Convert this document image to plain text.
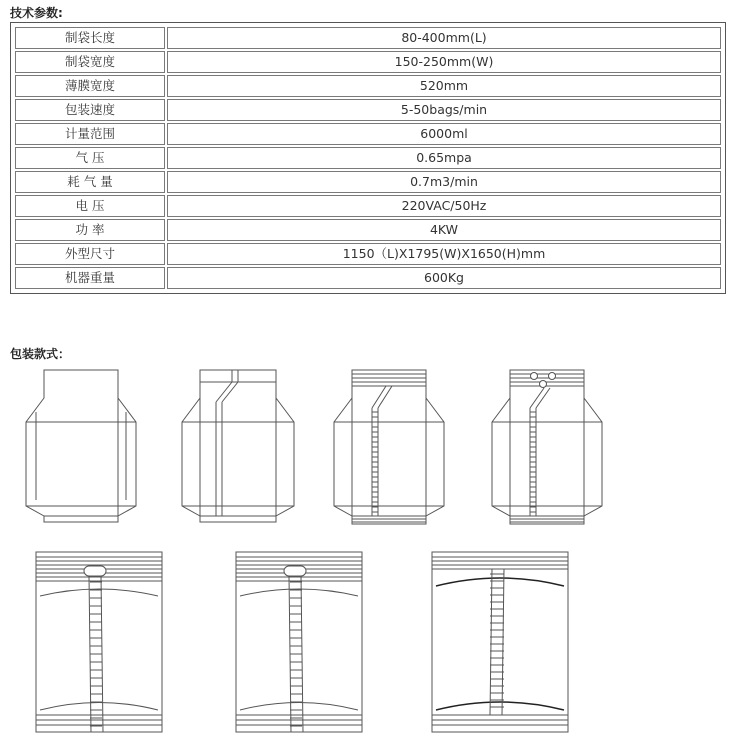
技术参数:
制袋长度	80-400mm(L)
制袋宽度	150-250mm(W)
薄膜宽度	520mm
包装速度	5-50bags/min
计量范围	6000ml
气 压	0.65mpa
耗 气 量	0.7m3/min
电 压	220VAC/50Hz
功 率	4KW
外型尺寸	1150（L)X1795(W)X1650(H)mm
机器重量	600Kg
包装款式：
